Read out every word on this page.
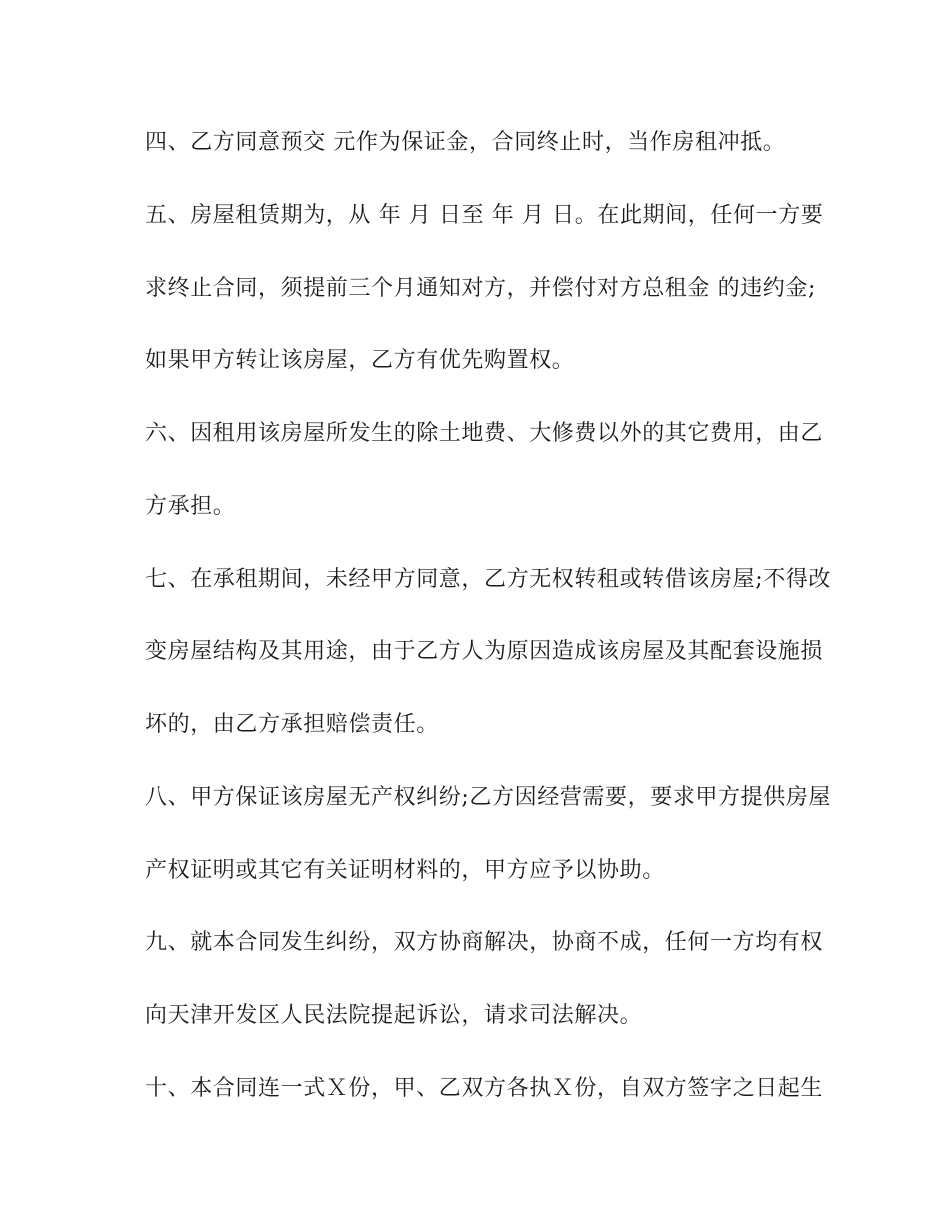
四、乙方同意预交 元作为保证金，合同终止时，当作房租冲抵。
五、房屋租赁期为，从 年 月 日至 年 月 日。在此期间，任何一方要
求终止合同，须提前三个月通知对方，并偿付对方总租金 的违约金;
如果甲方转让该房屋，乙方有优先购置权。
六、因租用该房屋所发生的除土地费、大修费以外的其它费用，由乙
方承担。
七、在承租期间，未经甲方同意，乙方无权转租或转借该房屋;不得改
变房屋结构及其用途，由于乙方人为原因造成该房屋及其配套设施损
坏的，由乙方承担赔偿责任。
八、甲方保证该房屋无产权纠纷;乙方因经营需要，要求甲方提供房屋
产权证明或其它有关证明材料的，甲方应予以协助。
九、就本合同发生纠纷，双方协商解决，协商不成，任何一方均有权
向天津开发区人民法院提起诉讼，请求司法解决。
十、本合同连一式Ｘ份，甲、乙双方各执Ｘ份，自双方签字之日起生
